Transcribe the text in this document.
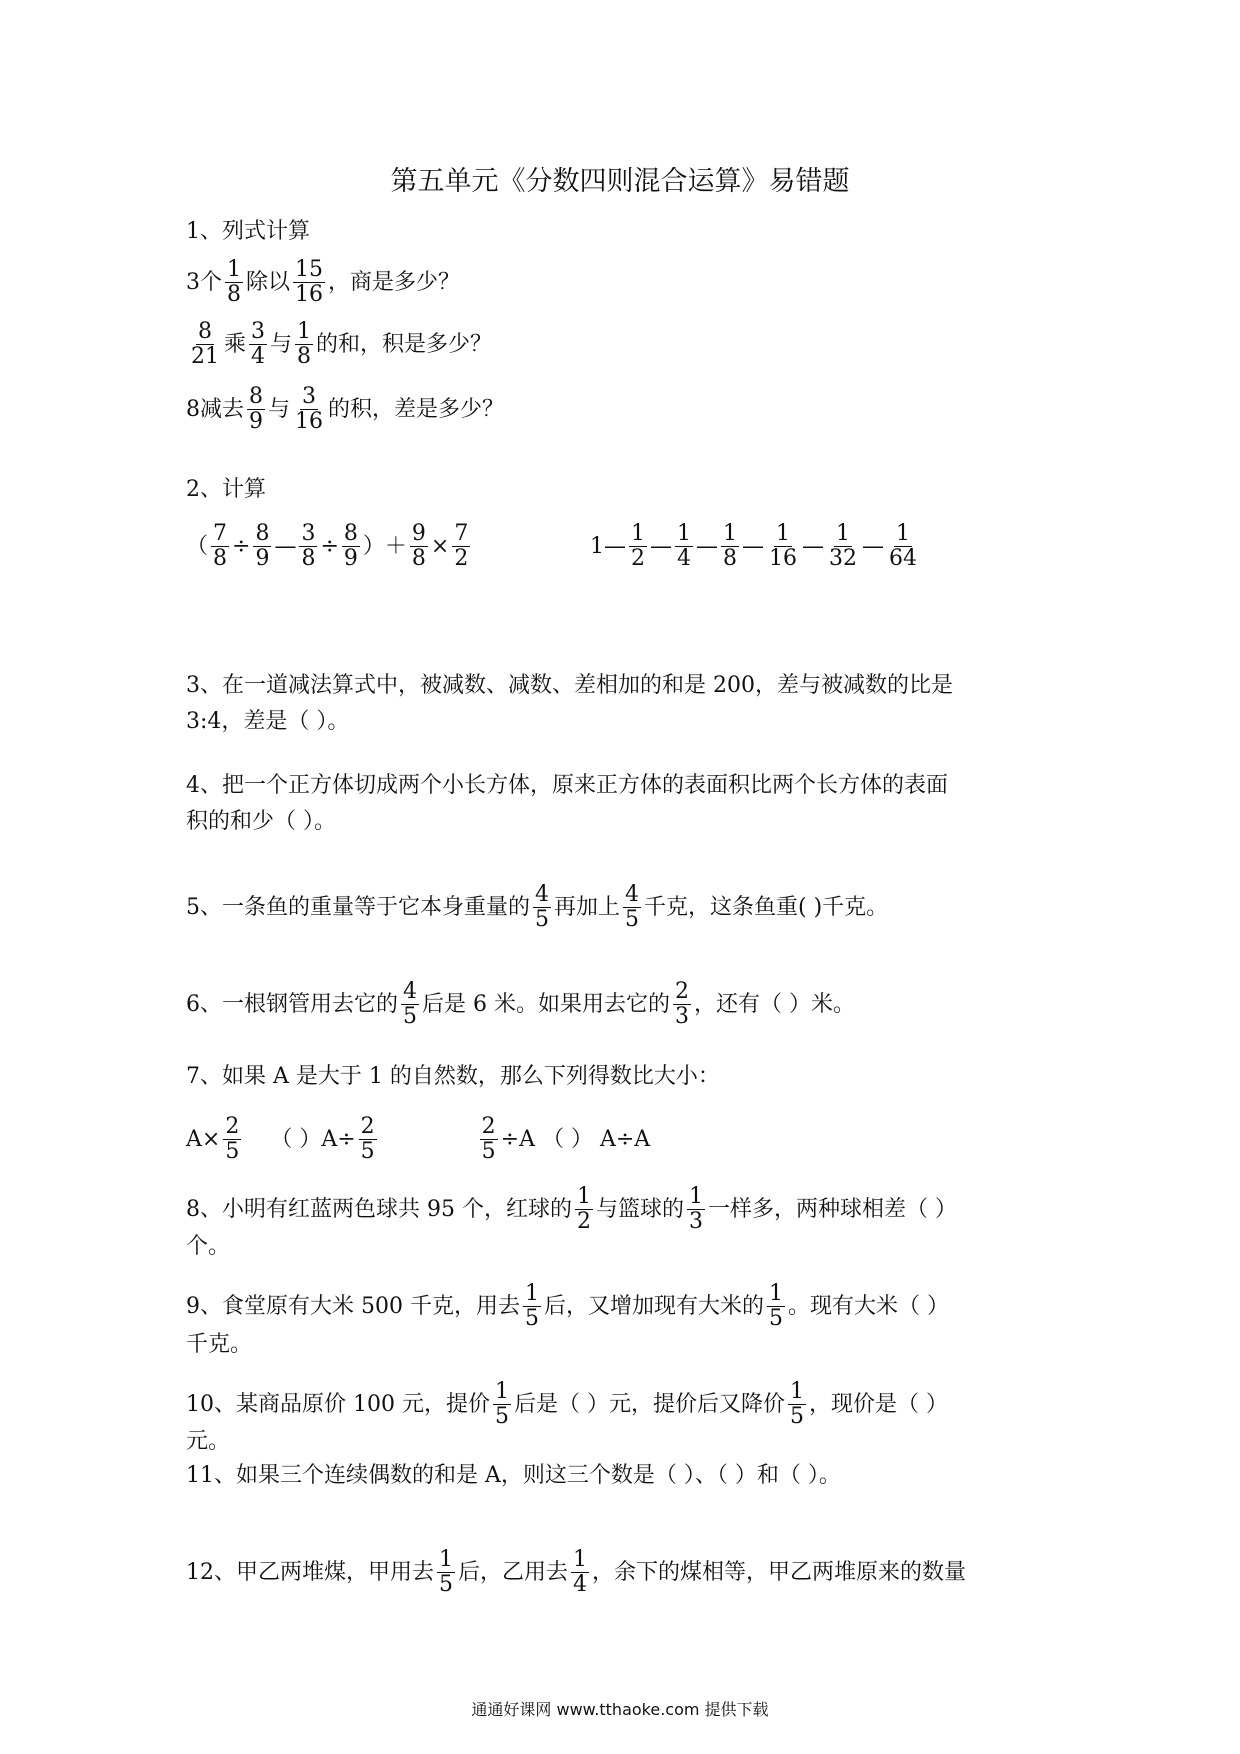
第五单元《分数四则混合运算》易错题
1、列式计算
3个 $\frac{1}{8}$ 除以 $\frac{15}{16}$ ，商是多少？
$\frac{8}{21}$ 乘 $\frac{3}{4}$ 与 $\frac{1}{8}$ 的和，积是多少？
8减去 $\frac{8}{9}$ 与 $\frac{3}{16}$ 的积，差是多少？
2、计算
（ $\frac{7}{8} \div \frac{8}{9}$ — $\frac{3}{8} \div \frac{8}{9}$ ）＋ $\frac{9}{8} \times \frac{7}{2}$	1— $\frac{1}{2}$ — $\frac{1}{4}$ — $\frac{1}{8}$ — $\frac{1}{16}$ — $\frac{1}{32}$ — $\frac{1}{64}$
3、在一道减法算式中，被减数、减数、差相加的和是 200，差与被减数的比是
3:4，差是（ ）。
4、把一个正方体切成两个小长方体，原来正方体的表面积比两个长方体的表面
积的和少（ ）。
5、一条鱼的重量等于它本身重量的 $\frac{4}{5}$ 再加上 $\frac{4}{5}$ 千克，这条鱼重( )千克。
6、一根钢管用去它的 $\frac{4}{5}$ 后是 6 米。如果用去它的 $\frac{2}{3}$ ，还有（ ）米。
7、如果 A 是大于 1 的自然数，那么下列得数比大小：
$A\times \frac{2}{5}$ （ ）$A\div \frac{2}{5}$	$\frac{2}{5} \div A$ （ ） A÷A
8、小明有红蓝两色球共 95 个，红球的 $\frac{1}{2}$ 与篮球的 $\frac{1}{3}$ 一样多，两种球相差（ ）
个。
9、食堂原有大米 500 千克，用去 $\frac{1}{5}$ 后，又增加现有大米的 $\frac{1}{5}$ 。现有大米（ ）
千克。
10、某商品原价 100 元，提价 $\frac{1}{5}$ 后是（ ）元，提价后又降价 $\frac{1}{5}$ ，现价是（ ）
元。
11、如果三个连续偶数的和是 A，则这三个数是（ ）、（ ）和（ ）。
12、甲乙两堆煤，甲用去 $\frac{1}{5}$ 后，乙用去 $\frac{1}{4}$ ，余下的煤相等，甲乙两堆原来的数量
通通好课网 www.tthaoke.com 提供下载
